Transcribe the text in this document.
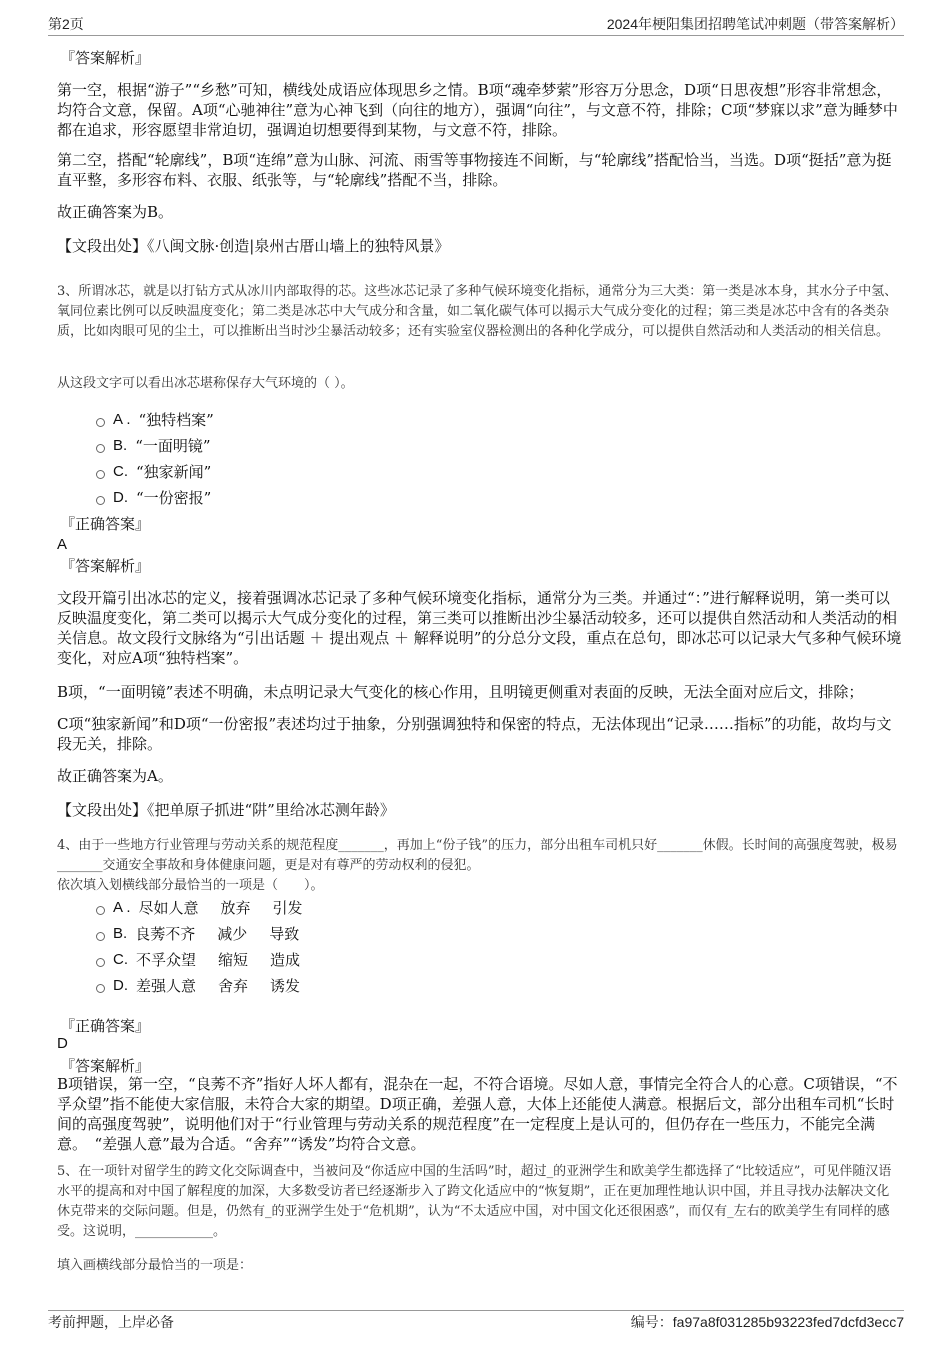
第2页	2024年梗阳集团招聘笔试冲刺题（带答案解析）
『答案解析』

第一空，根据“游子”“乡愁”可知，横线处成语应体现思乡之情。B项“魂牵梦萦”形容万分思念，D项“日思夜想”形容非常想念，均符合文意，保留。A项“心驰神往”意为心神飞到（向往的地方），强调“向往”，与文意不符，排除；C项“梦寐以求”意为睡梦中都在追求，形容愿望非常迫切，强调迫切想要得到某物，与文意不符，排除。

第二空，搭配“轮廓线”，B项“连绵”意为山脉、河流、雨雪等事物接连不间断，与“轮廓线”搭配恰当，当选。D项“挺括”意为挺直平整，多形容布料、衣服、纸张等，与“轮廓线”搭配不当，排除。

故正确答案为B。
【文段出处】《八闽文脉·创造|泉州古厝山墙上的独特风景》
3、所谓冰芯，就是以打钻方式从冰川内部取得的芯。这些冰芯记录了多种气候环境变化指标，通常分为三大类：第一类是冰本身，其水分子中氢、氧同位素比例可以反映温度变化；第二类是冰芯中大气成分和含量，如二氧化碳气体可以揭示大气成分变化的过程；第三类是冰芯中含有的各类杂质，比如肉眼可见的尘土，可以推断出当时沙尘暴活动较多；还有实验室仪器检测出的各种化学成分，可以提供自然活动和人类活动的相关信息。
从这段文字可以看出冰芯堪称保存大气环境的（ ）。
A . “独特档案”
B. “一面明镜”
C. “独家新闻”
D. “一份密报”
『正确答案』
A
『答案解析』
文段开篇引出冰芯的定义，接着强调冰芯记录了多种气候环境变化指标，通常分为三类。并通过“：”进行解释说明，第一类可以反映温度变化，第二类可以揭示大气成分变化的过程，第三类可以推断出沙尘暴活动较多，还可以提供自然活动和人类活动的相关信息。故文段行文脉络为“引出话题 ＋ 提出观点 ＋ 解释说明”的分总分文段，重点在总句，即冰芯可以记录大气多种气候环境变化，对应A项“独特档案”。
B项，“一面明镜”表述不明确，未点明记录大气变化的核心作用，且明镜更侧重对表面的反映，无法全面对应后文，排除；
C项“独家新闻”和D项“一份密报”表述均过于抽象，分别强调独特和保密的特点，无法体现出“记录……指标”的功能，故均与文段无关，排除。
故正确答案为A。
【文段出处】《把单原子抓进“阱”里给冰芯测年龄》
4、由于一些地方行业管理与劳动关系的规范程度_______，再加上“份子钱”的压力，部分出租车司机只好_______休假。长时间的高强度驾驶，极易_______交通安全事故和身体健康问题，更是对有尊严的劳动权利的侵犯。
依次填入划横线部分最恰当的一项是（　　）。
A . 尽如人意 放弃 引发
B. 良莠不齐 减少 导致
C. 不孚众望 缩短 造成
D. 差强人意 舍弃 诱发
『正确答案』
D
『答案解析』
B项错误，第一空，“良莠不齐”指好人坏人都有，混杂在一起，不符合语境。尽如人意，事情完全符合人的心意。C项错误，“不孚众望”指不能使大家信服，未符合大家的期望。D项正确，差强人意，大体上还能使人满意。根据后文，部分出租车司机“长时间的高强度驾驶”，说明他们对于“行业管理与劳动关系的规范程度”在一定程度上是认可的，但仍存在一些压力，不能完全满意。　“差强人意”最为合适。“舍弃”“诱发”均符合文意。
5、在一项针对留学生的跨文化交际调查中，当被问及“你适应中国的生活吗”时，超过_的亚洲学生和欧美学生都选择了“比较适应”，可见伴随汉语水平的提高和对中国了解程度的加深，大多数受访者已经逐渐步入了跨文化适应中的“恢复期”，正在更加理性地认识中国，并且寻找办法解决文化休克带来的交际问题。但是，仍然有_的亚洲学生处于“危机期”，认为“不太适应中国，对中国文化还很困惑”，而仅有_左右的欧美学生有同样的感受。这说明，____________。
填入画横线部分最恰当的一项是：
考前押题，上岸必备	编号：fa97a8f031285b93223fed7dcfd3ecc7
